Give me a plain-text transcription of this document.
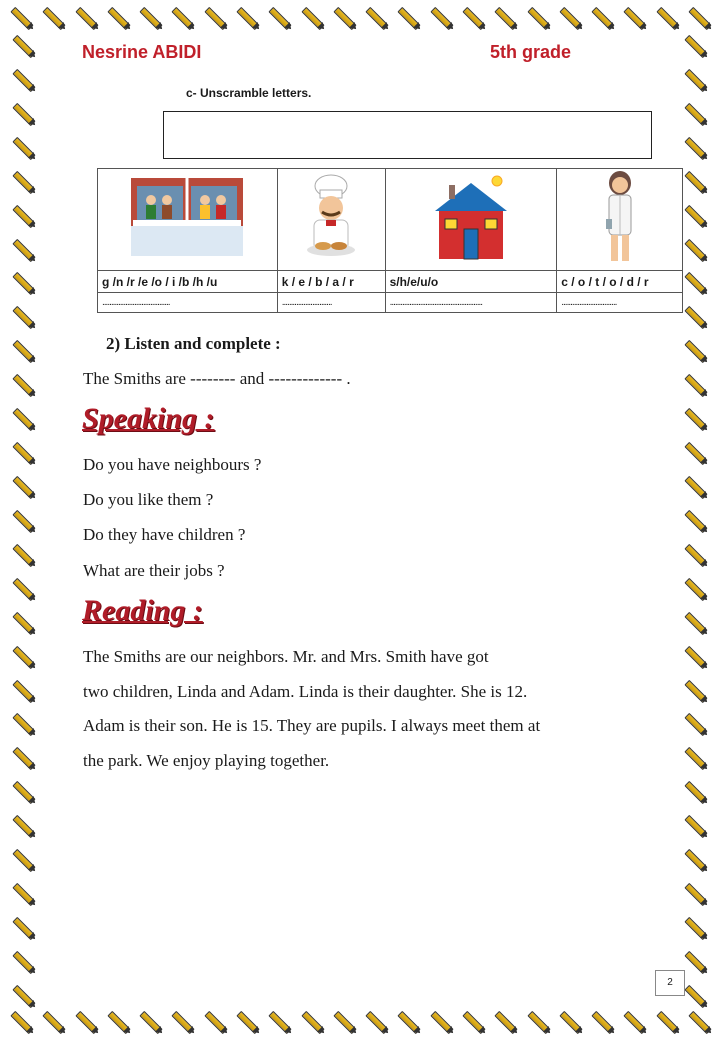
Nesrine ABIDI	5th grade
c- Unscramble letters.

g /n /r /e /o / i /b /h /u	k / e / b / a / r	s/h/e/u/o	c / o / t / o / d / r
......................................	............................	....................................................	...............................
2) Listen and complete :
The Smiths are -------- and ------------- .
Speaking :
Do you have neighbours ?
Do you like them ?
Do they have children ?
What are their jobs ?
Reading :
The Smiths are our neighbors. Mr. and Mrs. Smith have got
two children, Linda and Adam. Linda is their daughter. She is 12.
Adam is their son. He is 15. They are pupils. I always meet them at
the park. We enjoy playing together.
2
